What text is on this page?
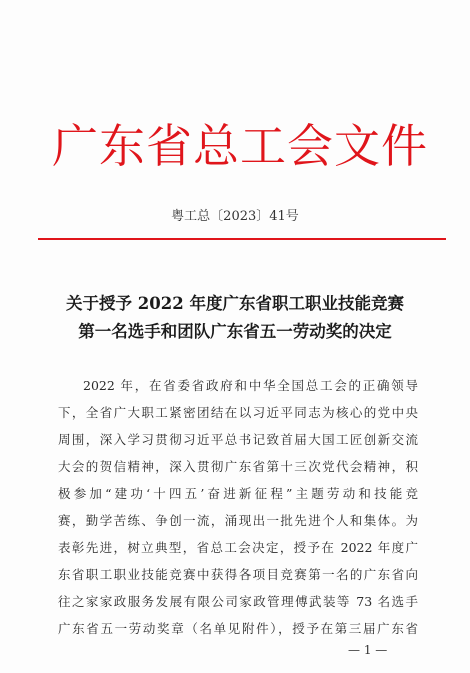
广东省总工会文件
粤工总〔2023〕41号
关于授予 2022 年度广东省职工职业技能竞赛
第一名选手和团队广东省五一劳动奖的决定
2022 年，在省委省政府和中华全国总工会的正确领导
下，全省广大职工紧密团结在以习近平同志为核心的党中央
周围，深入学习贯彻习近平总书记致首届大国工匠创新交流
大会的贺信精神，深入贯彻广东省第十三次党代会精神，积
极参加“建功‘十四五’奋进新征程”主题劳动和技能竞
赛，勤学苦练、争创一流，涌现出一批先进个人和集体。为
表彰先进，树立典型，省总工会决定，授予在 2022 年度广
东省职工职业技能竞赛中获得各项目竞赛第一名的广东省向
往之家家政服务发展有限公司家政管理傅武装等 73 名选手
广东省五一劳动奖章（名单见附件），授予在第三届广东省
— 1 —
